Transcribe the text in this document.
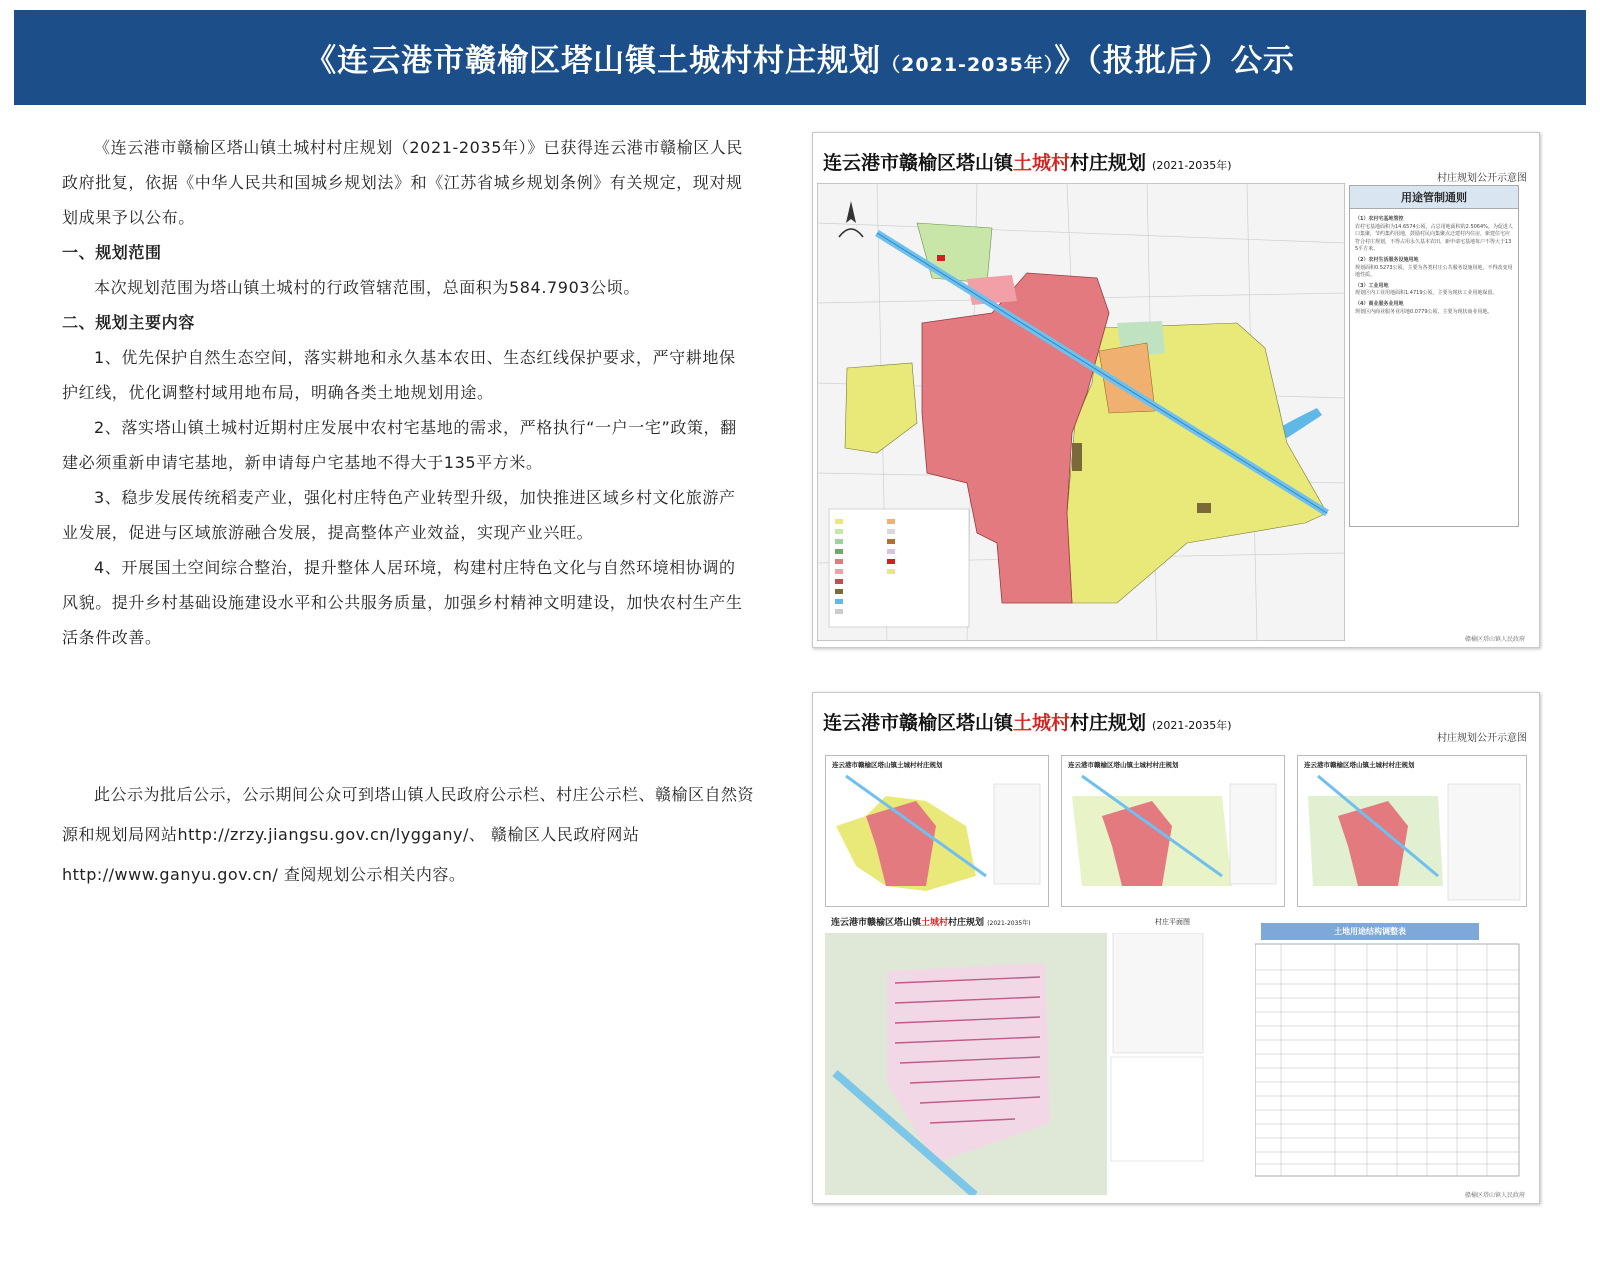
《连云港市赣榆区塔山镇土城村村庄规划（2021-2035年）》（报批后）公示

《连云港市赣榆区塔山镇土城村村庄规划（2021-2035年）》已获得连云港市赣榆区人民政府批复，依据《中华人民共和国城乡规划法》和《江苏省城乡规划条例》有关规定，现对规划成果予以公布。

一、规划范围

本次规划范围为塔山镇土城村的行政管辖范围，总面积为584.7903公顷。

二、规划主要内容

1、优先保护自然生态空间，落实耕地和永久基本农田、生态红线保护要求，严守耕地保护红线，优化调整村域用地布局，明确各类土地规划用途。

2、落实塔山镇土城村近期村庄发展中农村宅基地的需求，严格执行“一户一宅”政策，翻建必须重新申请宅基地，新申请每户宅基地不得大于135平方米。

3、稳步发展传统稻麦产业，强化村庄特色产业转型升级，加快推进区域乡村文化旅游产业发展，促进与区域旅游融合发展，提高整体产业效益，实现产业兴旺。

4、开展国土空间综合整治，提升整体人居环境，构建村庄特色文化与自然环境相协调的风貌。提升乡村基础设施建设水平和公共服务质量，加强乡村精神文明建设，加快农村生产生活条件改善。

此公示为批后公示，公示期间公众可到塔山镇人民政府公示栏、村庄公示栏、赣榆区自然资源和规划局网站http://zrzy.jiangsu.gov.cn/lygganу/、 赣榆区人民政府网站http://www.ganyu.gov.cn/ 查阅规划公示相关内容。

连云港市赣榆区塔山镇土城村村庄规划 (2021-2035年)
村庄规划公开示意图
用途管制通则
（1）农村宅基地管控
农村宅基地面积为14.6574公顷，占总用地面积的2.5064%。为促进人口集聚，节约集约用地，鼓励村民向集聚点迁建村内住房，新建住宅应符合村庄规划，不得占用永久基本农田，新申请宅基地每户不得大于135平方米。
（2）农村生活服务设施用地
规划面积0.5273公顷，主要为各类村庄公共服务设施用地，不得改变用地性质。
（3）工业用地
规划区内工业用地面积1.4719公顷，主要为现状工业用地保留。
（4）商业服务业用地
规划区内商业服务业用地0.0779公顷，主要为现状商业用地。
赣榆区塔山镇人民政府
连云港市赣榆区塔山镇土城村村庄规划 (2021-2035年)
村庄规划公开示意图
连云港市赣榆区塔山镇土城村村庄规划	连云港市赣榆区塔山镇土城村村庄规划	连云港市赣榆区塔山镇土城村村庄规划
连云港市赣榆区塔山镇土城村村庄规划 (2021-2035年)	村庄平面图
土地用途结构调整表
赣榆区塔山镇人民政府
